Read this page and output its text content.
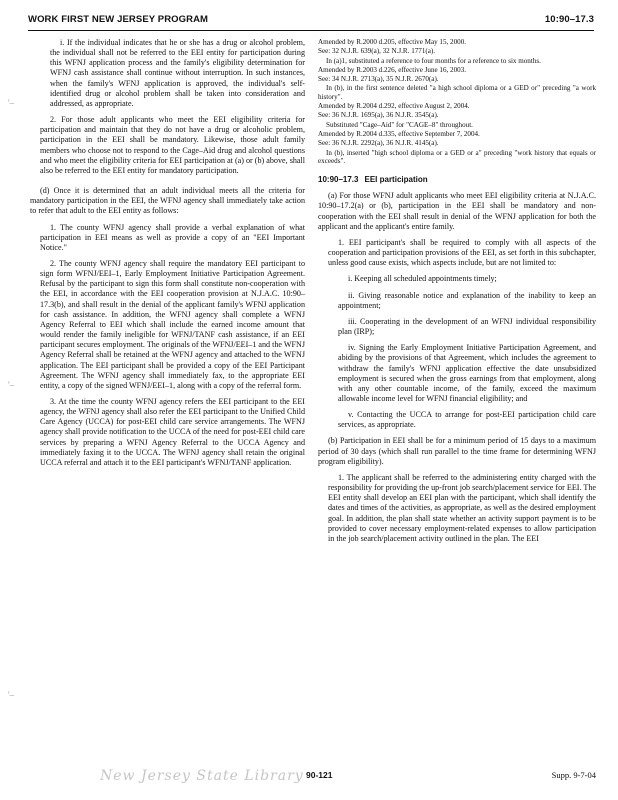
WORK FIRST NEW JERSEY PROGRAM	10:90–17.3
'–
'–
'–

i. If the individual indicates that he or she has a drug or alcohol problem, the individual shall not be referred to the EEI entity for participation during this WFNJ application process and the family's eligibility determination for WFNJ cash assistance shall continue without interruption. In such instances, when the family's WFNJ application is approved, the individual's self-identified drug or alcohol problem shall be taken into consideration and addressed, as appropriate.

2. For those adult applicants who meet the EEI eligibility criteria for participation and maintain that they do not have a drug or alcoholic problem, participation in the EEI shall be mandatory. Likewise, those adult family members who choose not to respond to the Cage–Aid drug and alcohol questions and who meet the eligibility criteria for EEI participation at (a) or (b) above, shall also be referred to the EEI entity for mandatory participation.

(d) Once it is determined that an adult individual meets all the criteria for mandatory participation in the EEI, the WFNJ agency shall immediately take action to refer that adult to the EEI entity as follows:

1. The county WFNJ agency shall provide a verbal explanation of what participation in EEI means as well as provide a copy of an "EEI Important Notice."

2. The county WFNJ agency shall require the mandatory EEI participant to sign form WFNJ/EEI–1, Early Employment Initiative Participation Agreement. Refusal by the participant to sign this form shall constitute non-cooperation with the EEI, in accordance with the EEI cooperation provision at N.J.A.C. 10:90–17.3(b), and shall result in the denial of the applicant family's WFNJ application for cash assistance. In addition, the WFNJ agency shall complete a WFNJ Agency Referral to EEI which shall include the earned income amount that would render the family ineligible for WFNJ/TANF cash assistance, if an EEI participant secures employment. The originals of the WFNJ/EEI–1 and the WFNJ Agency Referral shall be retained at the WFNJ agency and attached to the WFNJ application. The EEI participant shall be provided a copy of the EEI Participant Agreement. The WFNJ agency shall immediately fax, to the appropriate EEI entity, a copy of the signed WFNJ/EEI–1, along with a copy of the referral form.

3. At the time the county WFNJ agency refers the EEI participant to the EEI agency, the WFNJ agency shall also refer the EEI participant to the Unified Child Care Agency (UCCA) for post-EEI child care service arrangements. The WFNJ agency shall provide notification to the UCCA of the need for post-EEI child care services by preparing a WFNJ Agency Referral to the UCCA Agency and immediately faxing it to the UCCA. The WFNJ agency shall retain the original UCCA referral and attach it to the EEI participant's WFNJ/TANF application.

Amended by R.2000 d.205, effective May 15, 2000.

See: 32 N.J.R. 639(a), 32 N.J.R. 1771(a).

In (a)1, substituted a reference to four months for a reference to six months.

Amended by R.2003 d.226, effective June 16, 2003.

See: 34 N.J.R. 2713(a), 35 N.J.R. 2670(a).

In (b), in the first sentence deleted "a high school diploma or a GED or" preceding "a work history".

Amended by R.2004 d.292, effective August 2, 2004.

See: 36 N.J.R. 1695(a), 36 N.J.R. 3545(a).

Substituted "Cage–Aid" for "CAGE–8" throughout.

Amended by R.2004 d.335, effective September 7, 2004.

See: 36 N.J.R. 2292(a), 36 N.J.R. 4145(a).

In (b), inserted "high school diploma or a GED or a" preceding "work history that equals or exceeds".

10:90–17.3 EEI participation

(a) For those WFNJ adult applicants who meet EEI eligibility criteria at N.J.A.C. 10:90–17.2(a) or (b), participation in the EEI shall be mandatory and non-cooperation with the EEI shall result in denial of the WFNJ application for both the applicant and the applicant's entire family.

1. EEI participant's shall be required to comply with all aspects of the cooperation and participation provisions of the EEI, as set forth in this subchapter, unless good cause exists, which aspects include, but are not limited to:

i. Keeping all scheduled appointments timely;

ii. Giving reasonable notice and explanation of the inability to keep an appointment;

iii. Cooperating in the development of an WFNJ individual responsibility plan (IRP);

iv. Signing the Early Employment Initiative Participation Agreement, and abiding by the provisions of that Agreement, which includes the agreement to withdraw the family's WFNJ application effective the date unsubsidized employment is secured when the gross earnings from that employment, along with any other countable income, of the family, exceed the maximum allowable income level for WFNJ financial eligibility; and

v. Contacting the UCCA to arrange for post-EEI participation child care services, as appropriate.

(b) Participation in EEI shall be for a minimum period of 15 days to a maximum period of 30 days (which shall run parallel to the time frame for determining WFNJ program eligibility).

1. The applicant shall be referred to the administering entity charged with the responsibility for providing the up-front job search/placement service for EEI. The EEI entity shall develop an EEI plan with the participant, which shall identify the dates and times of the activities, as appropriate, as well as the desired employment goal. In addition, the plan shall state whether an activity support payment is to be provided to cover necessary employment-related expenses to allow participation in the job search/placement activity outlined in the plan. The EEI

New Jersey State Library 90-121	Supp. 9-7-04
